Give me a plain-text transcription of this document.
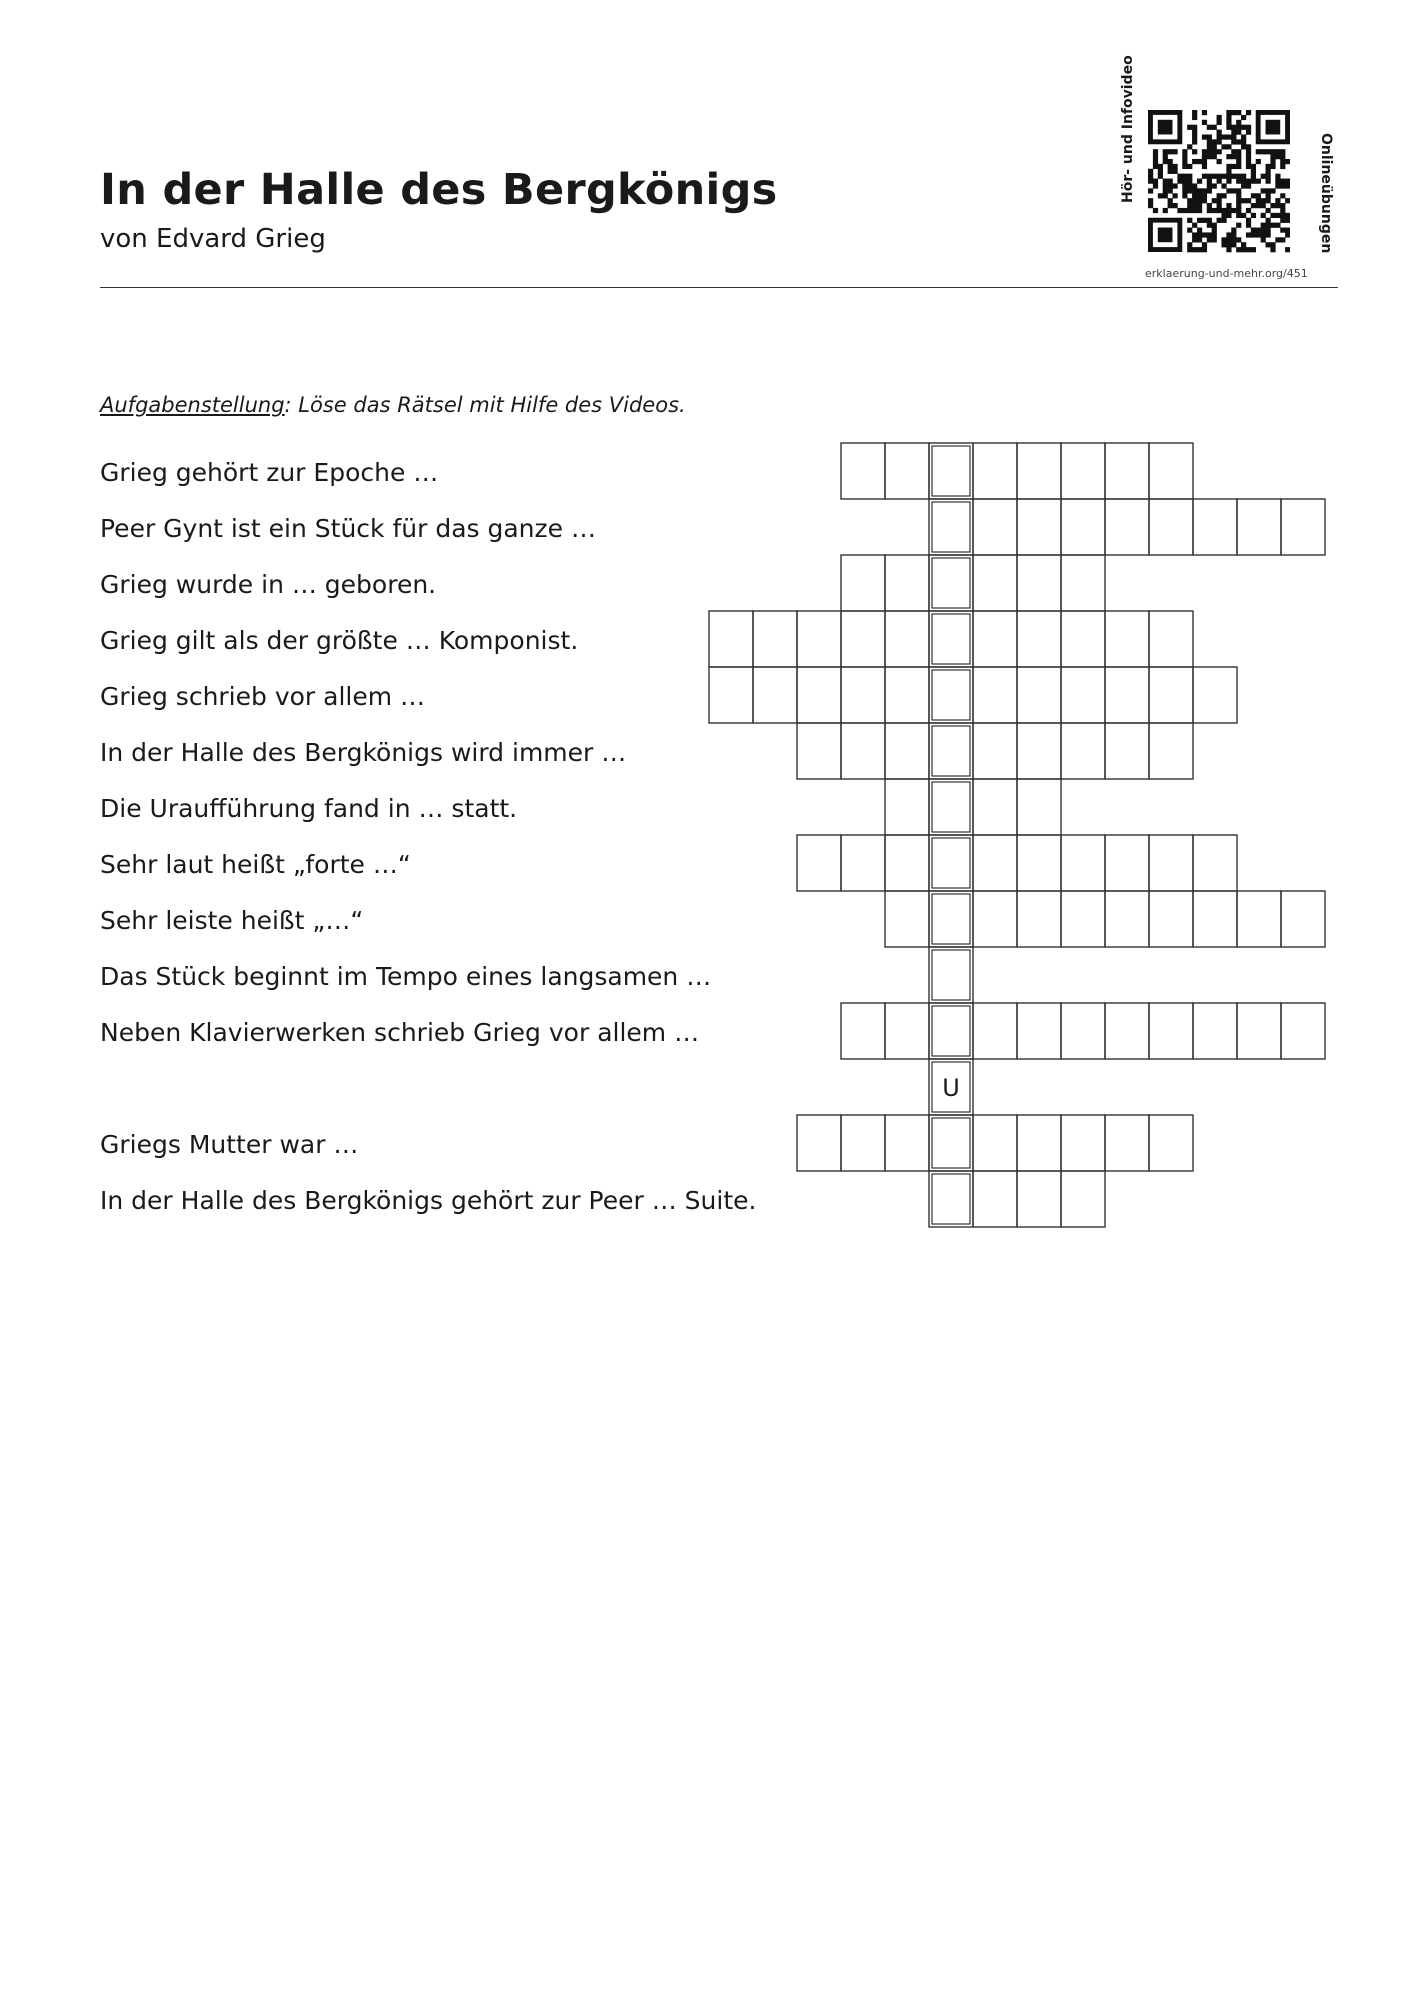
In der Halle des Bergkönigs
von Edvard Grieg
Hör- und Infovideo	Onlineübungen
erklaerung-und-mehr.org/451
Aufgabenstellung: Löse das Rätsel mit Hilfe des Videos.
Grieg gehört zur Epoche …
Peer Gynt ist ein Stück für das ganze …
Grieg wurde in … geboren.
Grieg gilt als der größte … Komponist.
Grieg schrieb vor allem …
In der Halle des Bergkönigs wird immer …
Die Uraufführung fand in … statt.
Sehr laut heißt „forte …“
Sehr leiste heißt „…“
Das Stück beginnt im Tempo eines langsamen …
Neben Klavierwerken schrieb Grieg vor allem …
Griegs Mutter war …
In der Halle des Bergkönigs gehört zur Peer … Suite.
U
